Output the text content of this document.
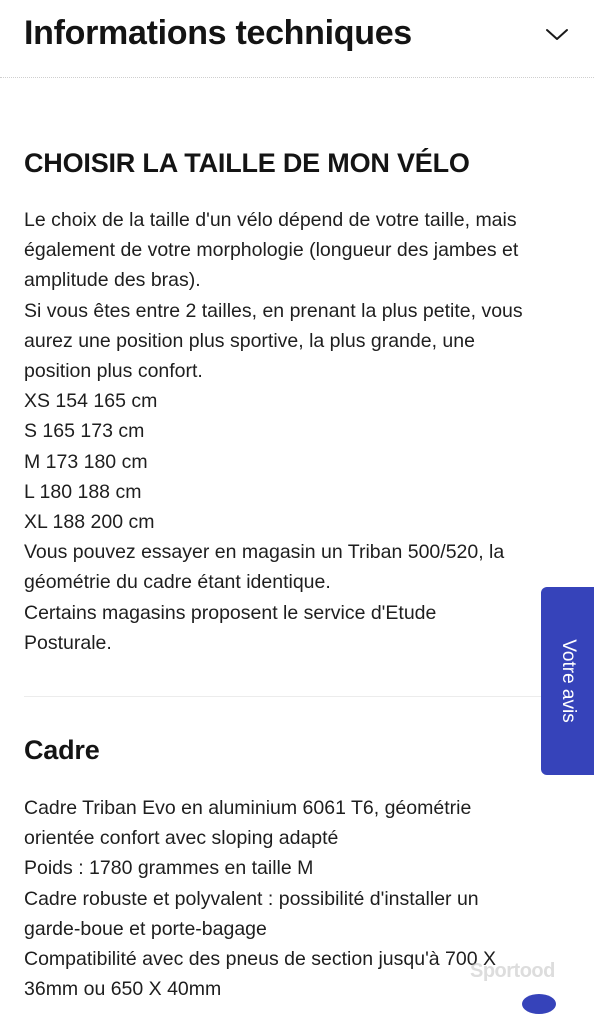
Informations techniques
CHOISIR LA TAILLE DE MON VÉLO
Le choix de la taille d'un vélo dépend de votre taille, mais
également de votre morphologie (longueur des jambes et
amplitude des bras).
Si vous êtes entre 2 tailles, en prenant la plus petite, vous
aurez une position plus sportive, la plus grande, une
position plus confort.
XS 154 165 cm
S 165 173 cm
M 173 180 cm
L 180 188 cm
XL 188 200 cm
Vous pouvez essayer en magasin un Triban 500/520, la
géométrie du cadre étant identique.
Certains magasins proposent le service d'Etude
Posturale.
Cadre
Cadre Triban Evo en aluminium 6061 T6, géométrie
orientée confort avec sloping adapté
Poids : 1780 grammes en taille M
Cadre robuste et polyvalent : possibilité d'installer un
garde-boue et porte-bagage
Compatibilité avec des pneus de section jusqu'à 700 X
36mm ou 650 X 40mm
Votre avis
Sportood
